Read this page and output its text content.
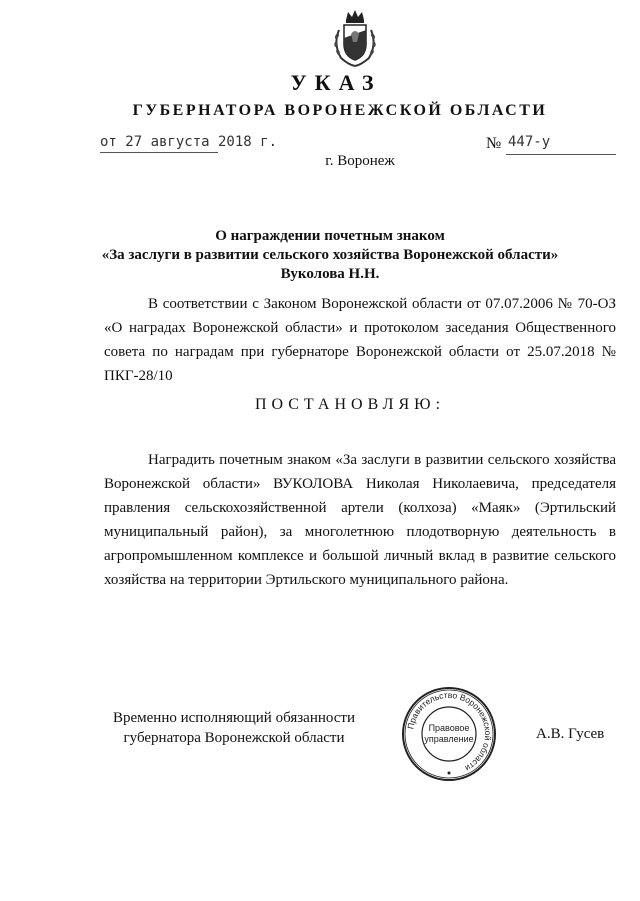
УКАЗ
ГУБЕРНАТОРА ВОРОНЕЖСКОЙ ОБЛАСТИ
от 27 августа 2018 г.	№ 447-у
г. Воронеж
О награждении почетным знаком
«За заслуги в развитии сельского хозяйства Воронежской области»
Вуколова Н.Н.
В соответствии с Законом Воронежской области от 07.07.2006 № 70-ОЗ «О наградах Воронежской области» и протоколом заседания Общественного совета по наградам при губернаторе Воронежской области от 25.07.2018 № ПКГ-28/10
ПОСТАНОВЛЯЮ:
Наградить почетным знаком «За заслуги в развитии сельского хозяйства Воронежской области» ВУКОЛОВА Николая Николаевича, председателя правления сельскохозяйственной артели (колхоза) «Маяк» (Эртильский муниципальный район), за многолетнюю плодотворную деятельность в агропромышленном комплексе и большой личный вклад в развитие сельского хозяйства на территории Эртильского муниципального района.
Временно исполняющий обязанности
губернатора Воронежской области
Правительство Воронежской области
Правовое
управление	А.В. Гусев
